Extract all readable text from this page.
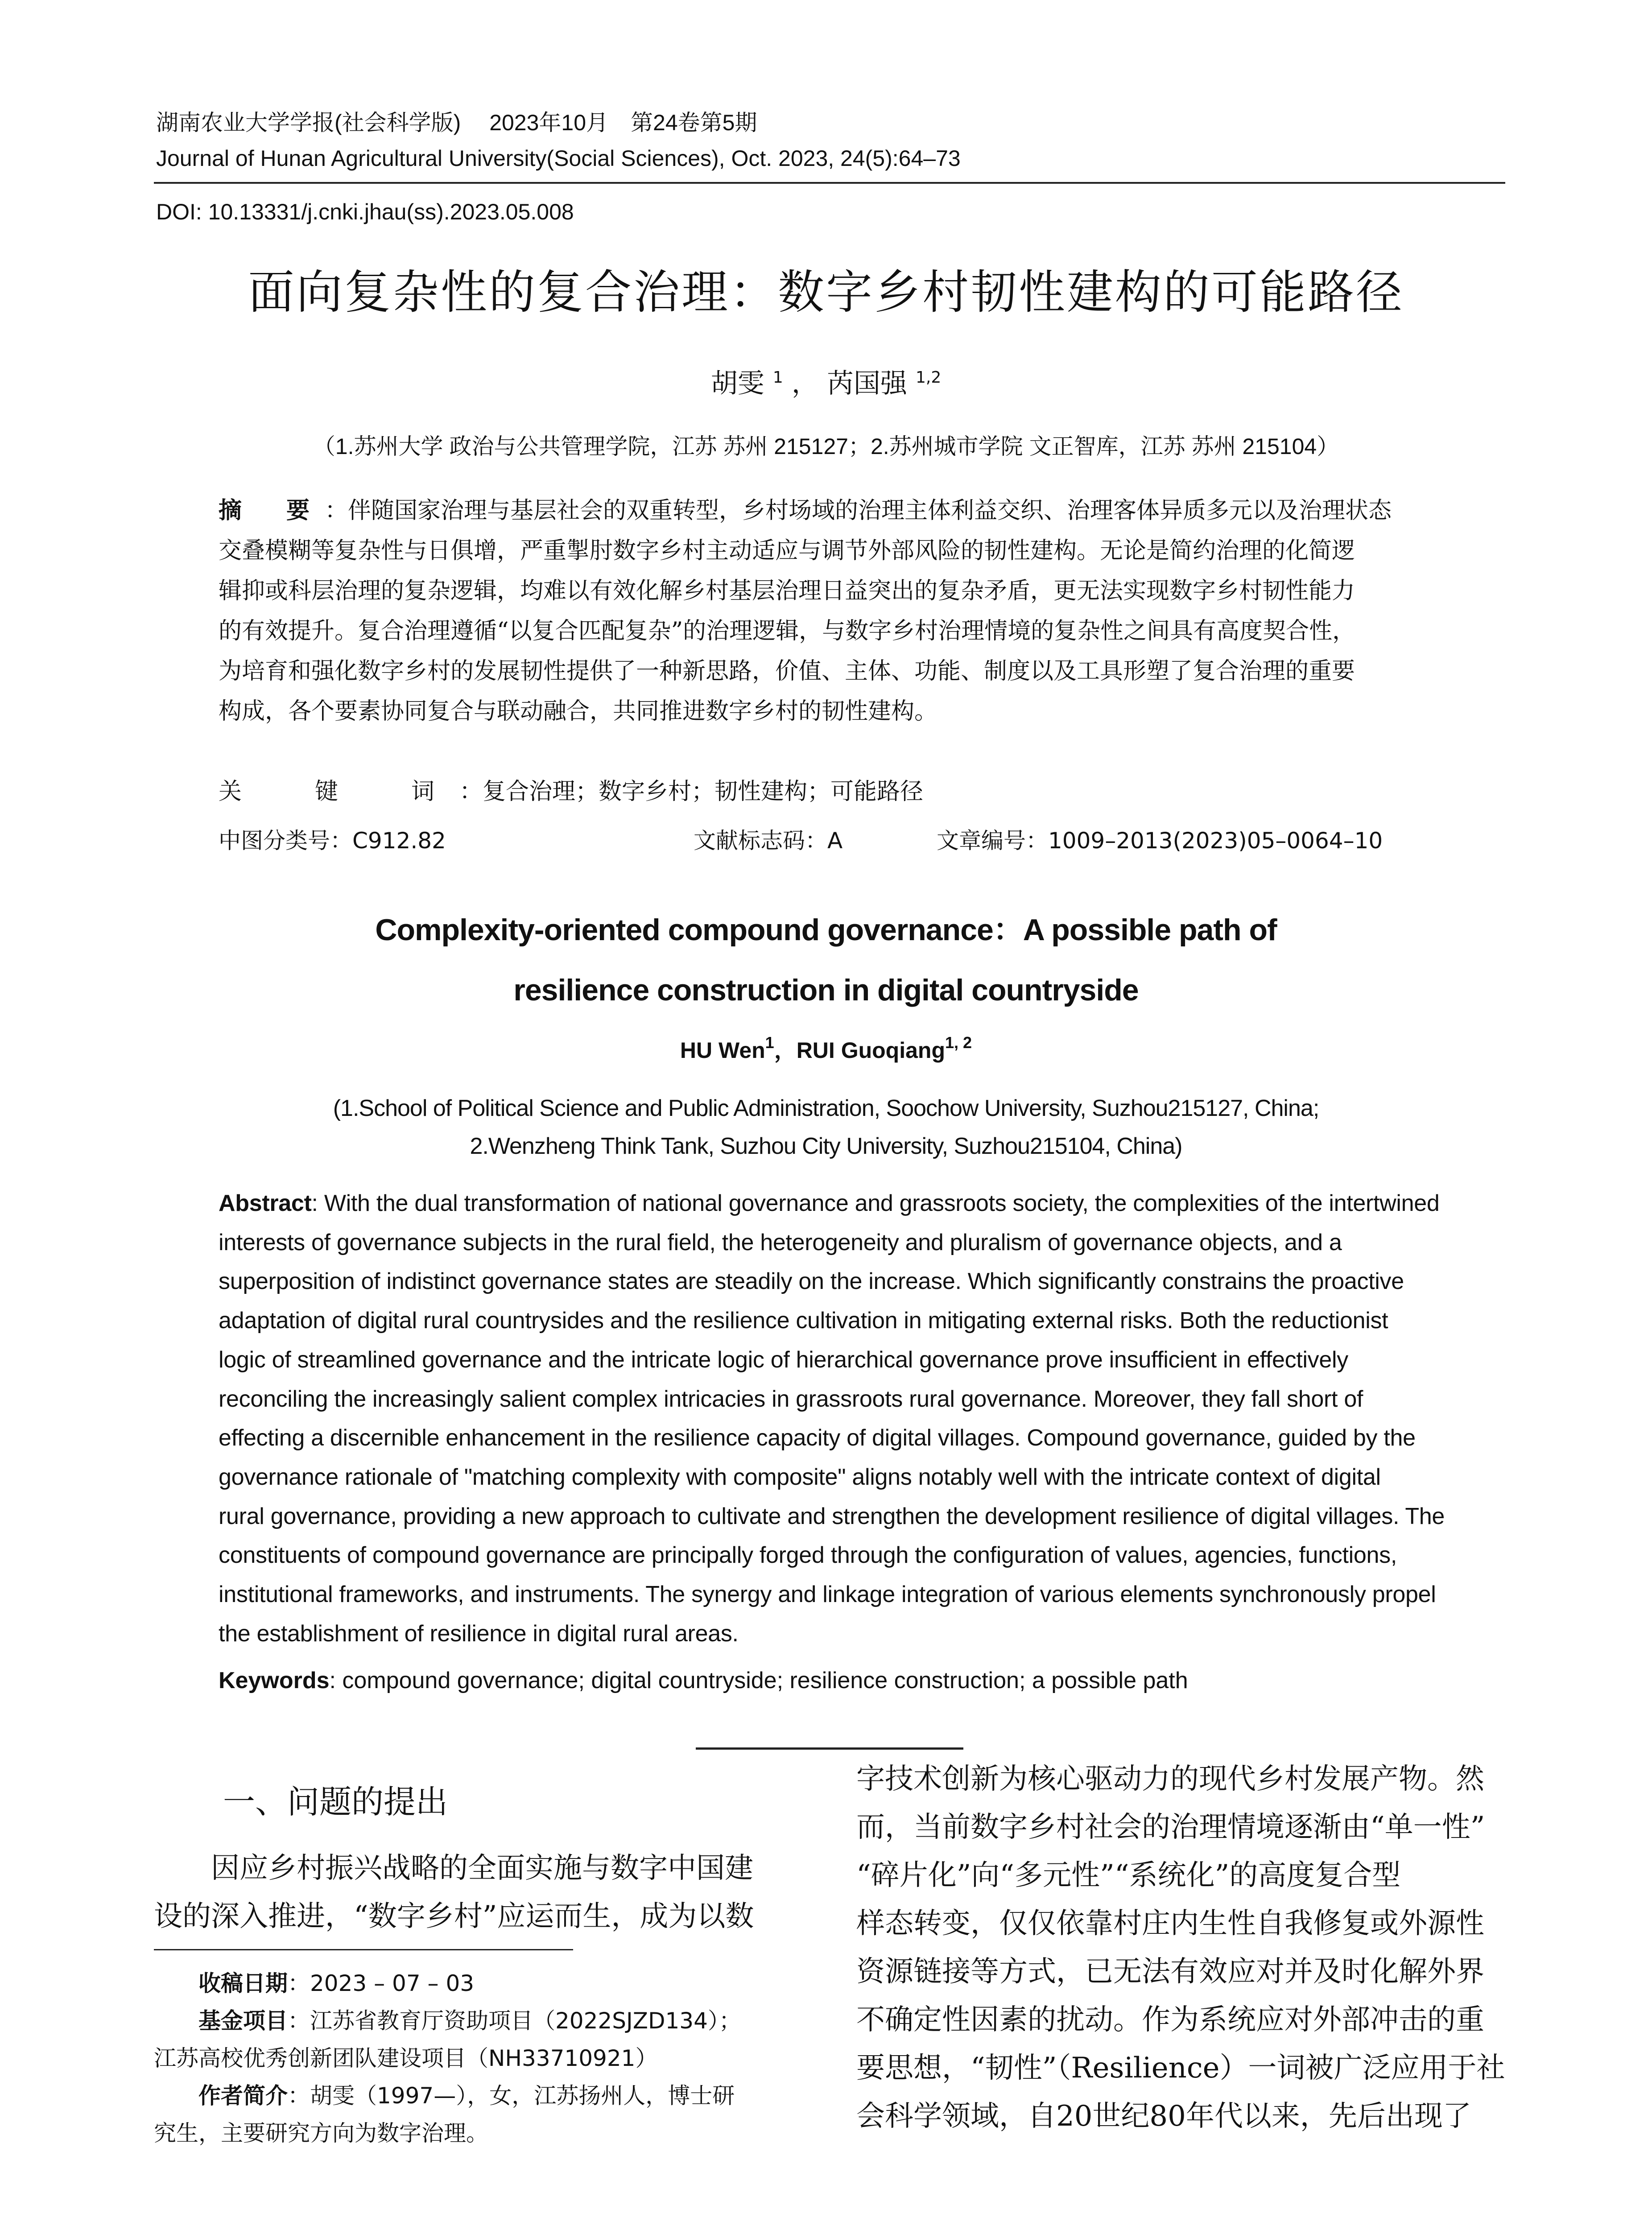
湖南农业大学学报(社会科学版)　 2023年10月　第24卷第5期
Journal of Hunan Agricultural University(Social Sciences), Oct. 2023, 24(5):64–73
DOI: 10.13331/j.cnki.jhau(ss).2023.05.008
面向复杂性的复合治理：数字乡村韧性建构的可能路径
胡雯 $^1$ ， 芮国强 $^{1,2}$
（1.苏州大学 政治与公共管理学院，江苏 苏州 215127；2.苏州城市学院 文正智库，江苏 苏州 215104）
摘　要 ：伴随国家治理与基层社会的双重转型，乡村场域的治理主体利益交织、治理客体异质多元以及治理状态
交叠模糊等复杂性与日俱增，严重掣肘数字乡村主动适应与调节外部风险的韧性建构。无论是简约治理的化简逻
辑抑或科层治理的复杂逻辑，均难以有效化解乡村基层治理日益突出的复杂矛盾，更无法实现数字乡村韧性能力
的有效提升。复合治理遵循“以复合匹配复杂”的治理逻辑，与数字乡村治理情境的复杂性之间具有高度契合性，
为培育和强化数字乡村的发展韧性提供了一种新思路，价值、主体、功能、制度以及工具形塑了复合治理的重要
构成，各个要素协同复合与联动融合，共同推进数字乡村的韧性建构。
关　键　词：复合治理；数字乡村；韧性建构；可能路径
中图分类号：C912.82	文献标志码：A	文章编号：1009–2013(2023)05–0064–10
Complexity-oriented compound governance：A possible path of
resilience construction in digital countryside
HU Wen$^1$，RUI Guoqiang$^{1, 2}$
(1.School of Political Science and Public Administration, Soochow University, Suzhou215127, China;
2.Wenzheng Think Tank, Suzhou City University, Suzhou215104, China)
Abstract: With the dual transformation of national governance and grassroots society, the complexities of the intertwined
interests of governance subjects in the rural field, the heterogeneity and pluralism of governance objects, and a
superposition of indistinct governance states are steadily on the increase. Which significantly constrains the proactive
adaptation of digital rural countrysides and the resilience cultivation in mitigating external risks. Both the reductionist
logic of streamlined governance and the intricate logic of hierarchical governance prove insufficient in effectively
reconciling the increasingly salient complex intricacies in grassroots rural governance. Moreover, they fall short of
effecting a discernible enhancement in the resilience capacity of digital villages. Compound governance, guided by the
governance rationale of "matching complexity with composite" aligns notably well with the intricate context of digital
rural governance, providing a new approach to cultivate and strengthen the development resilience of digital villages. The
constituents of compound governance are principally forged through the configuration of values, agencies, functions,
institutional frameworks, and instruments. The synergy and linkage integration of various elements synchronously propel
the establishment of resilience in digital rural areas.
Keywords: compound governance; digital countryside; resilience construction; a possible path
一、问题的提出
　　因应乡村振兴战略的全面实施与数字中国建
设的深入推进，“数字乡村”应运而生，成为以数
　　收稿日期：2023 – 07 – 03
　　基金项目：江苏省教育厅资助项目（2022SJZD134）；
江苏高校优秀创新团队建设项目（NH33710921）
　　作者简介：胡雯（1997—），女，江苏扬州人，博士研
究生，主要研究方向为数字治理。
字技术创新为核心驱动力的现代乡村发展产物。然
而，当前数字乡村社会的治理情境逐渐由“单一性”
“碎片化”向“多元性”“系统化”的高度复合型
样态转变，仅仅依靠村庄内生性自我修复或外源性
资源链接等方式，已无法有效应对并及时化解外界
不确定性因素的扰动。作为系统应对外部冲击的重
要思想，“韧性”（Resilience）一词被广泛应用于社
会科学领域，自20世纪80年代以来，先后出现了
